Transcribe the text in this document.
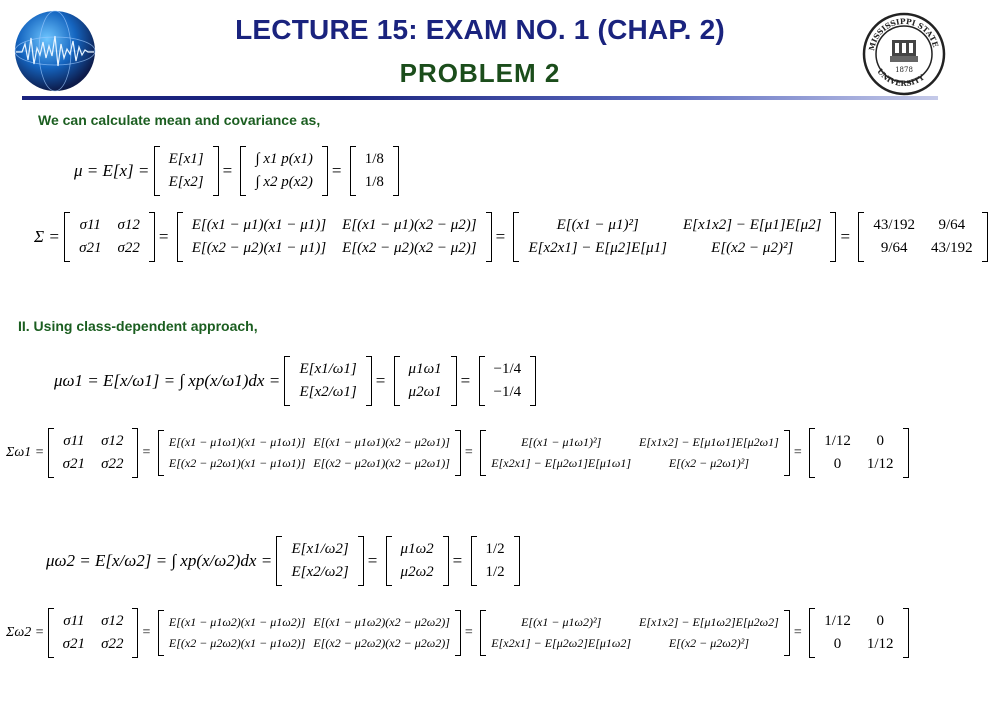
MISSISSIPPI STATE
UNIVERSITY
1878
LECTURE 15: EXAM NO. 1 (CHAP. 2)
PROBLEM 2
We can calculate mean and covariance as,
II. Using class-dependent approach,
μ = E[x] =
E[x1]
E[x2]
=
∫ x1 p(x1)
∫ x2 p(x2)
=
1/8
1/8
Σ =
σ11	σ12
σ21	σ22
=
E[(x1 − μ1)(x1 − μ1)]	E[(x1 − μ1)(x2 − μ2)]
E[(x2 − μ2)(x1 − μ1)]	E[(x2 − μ2)(x2 − μ2)]
=
E[(x1 − μ1)²]	E[x1x2] − E[μ1]E[μ2]
E[x2x1] − E[μ2]E[μ1]	E[(x2 − μ2)²]
=
43/192	9/64
9/64	43/192
μω1 = E[x/ω1] = ∫ xp(x/ω1)dx =
E[x1/ω1]
E[x2/ω1]
=
μ1ω1
μ2ω1
=
−1/4
−1/4
Σω1 =
σ11	σ12
σ21	σ22
=
E[(x1 − μ1ω1)(x1 − μ1ω1)]	E[(x1 − μ1ω1)(x2 − μ2ω1)]
E[(x2 − μ2ω1)(x1 − μ1ω1)]	E[(x2 − μ2ω1)(x2 − μ2ω1)]
=
E[(x1 − μ1ω1)²]	E[x1x2] − E[μ1ω1]E[μ2ω1]
E[x2x1] − E[μ2ω1]E[μ1ω1]	E[(x2 − μ2ω1)²]
=
1/12	0
0	1/12
μω2 = E[x/ω2] = ∫ xp(x/ω2)dx =
E[x1/ω2]
E[x2/ω2]
=
μ1ω2
μ2ω2
=
1/2
1/2
Σω2 =
σ11	σ12
σ21	σ22
=
E[(x1 − μ1ω2)(x1 − μ1ω2)]	E[(x1 − μ1ω2)(x2 − μ2ω2)]
E[(x2 − μ2ω2)(x1 − μ1ω2)]	E[(x2 − μ2ω2)(x2 − μ2ω2)]
=
E[(x1 − μ1ω2)²]	E[x1x2] − E[μ1ω2]E[μ2ω2]
E[x2x1] − E[μ2ω2]E[μ1ω2]	E[(x2 − μ2ω2)²]
=
1/12	0
0	1/12
